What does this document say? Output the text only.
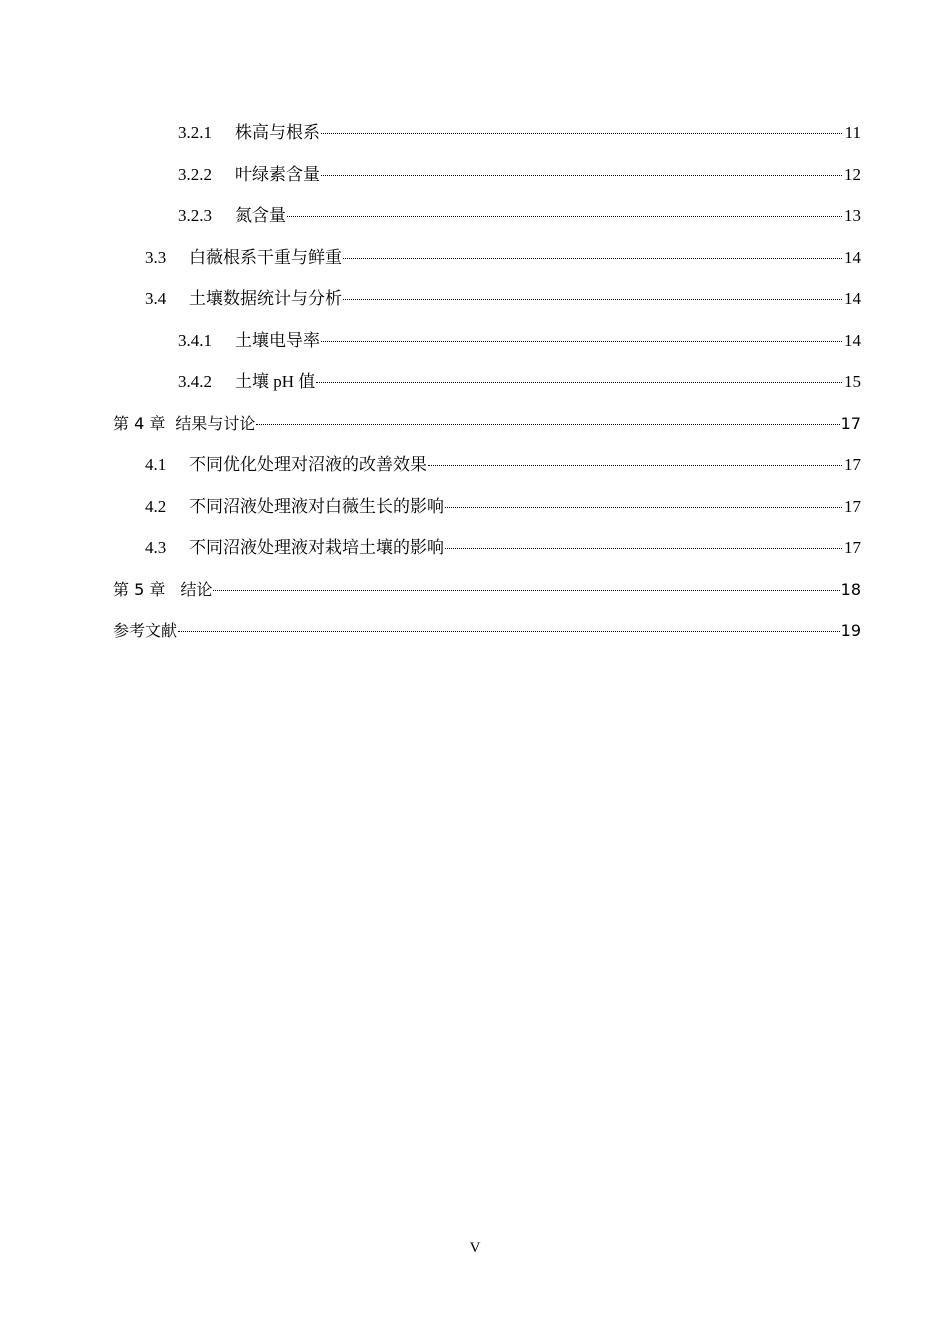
3.2.1	株高与根系	11
3.2.2	叶绿素含量	12
3.2.3	氮含量	13
3.3	白薇根系干重与鲜重	14
3.4	土壤数据统计与分析	14
3.4.1	土壤电导率	14
3.4.2	土壤 pH 值	15
第 4 章 结果与讨论	17
4.1	不同优化处理对沼液的改善效果	17
4.2	不同沼液处理液对白薇生长的影响	17
4.3	不同沼液处理液对栽培土壤的影响	17
第 5 章 结论	18
参考文献	19
V
